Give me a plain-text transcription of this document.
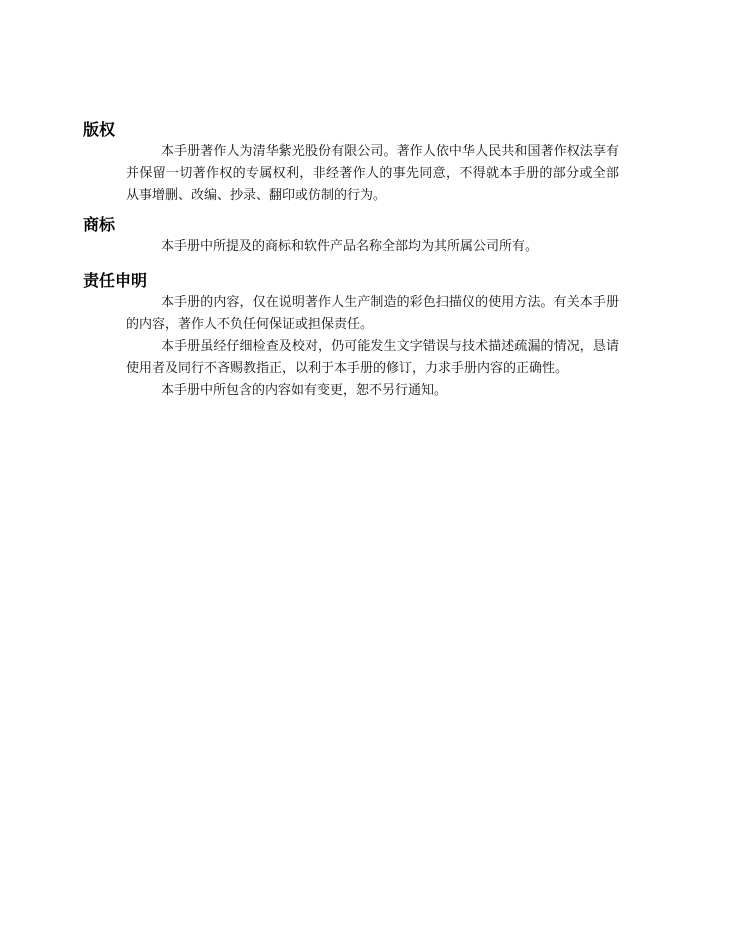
版权

本手册著作人为清华紫光股份有限公司。著作人依中华人民共和国著作权法享有并保留一切著作权的专属权利，非经著作人的事先同意，不得就本手册的部分或全部从事增删、改编、抄录、翻印或仿制的行为。

商标

本手册中所提及的商标和软件产品名称全部均为其所属公司所有。

责任申明

本手册的内容，仅在说明著作人生产制造的彩色扫描仪的使用方法。有关本手册的内容，著作人不负任何保证或担保责任。

本手册虽经仔细检查及校对，仍可能发生文字错误与技术描述疏漏的情况，恳请使用者及同行不吝赐教指正，以利于本手册的修订，力求手册内容的正确性。

本手册中所包含的内容如有变更，恕不另行通知。
